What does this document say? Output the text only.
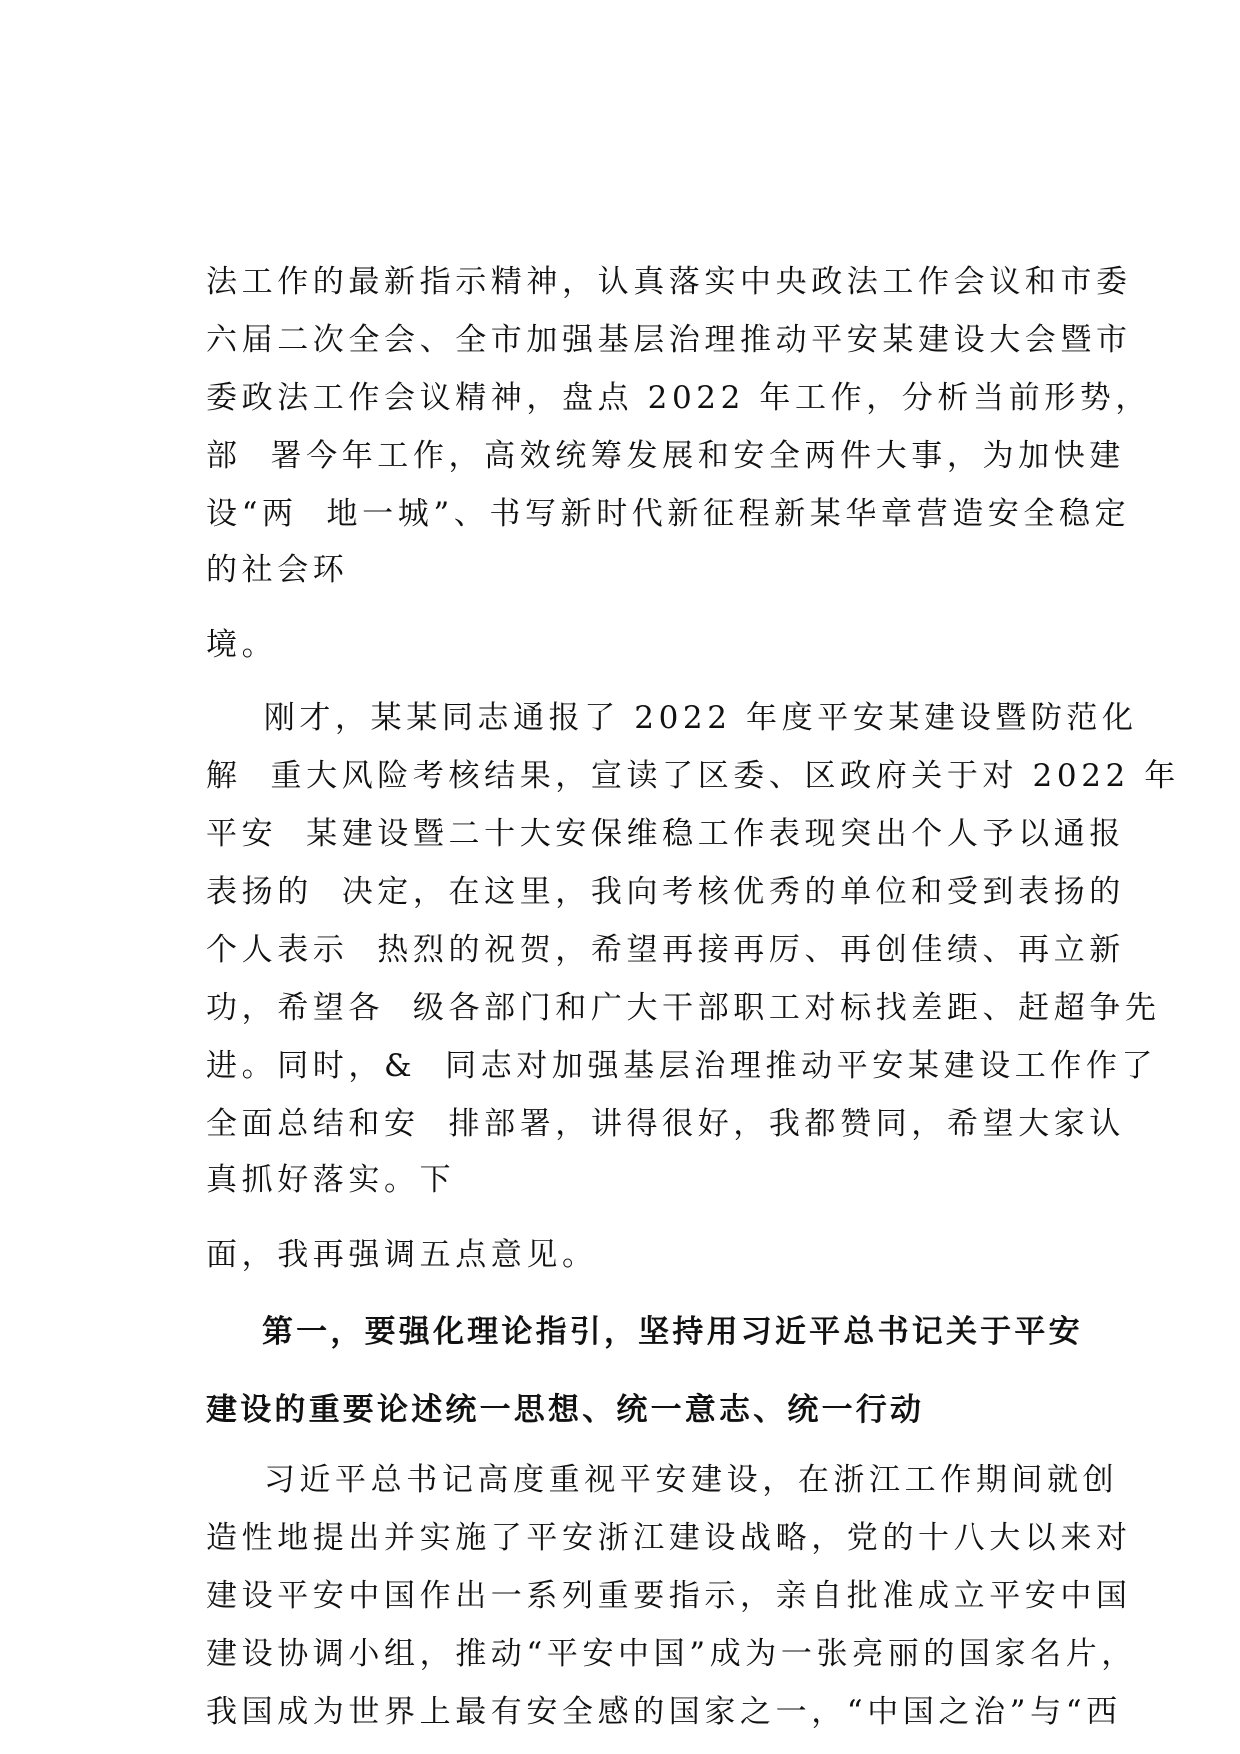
法工作的最新指示精神，认真落实中央政法工作会议和市委
六届二次全会、全市加强基层治理推动平安某建设大会暨市
委政法工作会议精神，盘点 2022 年工作，分析当前形势，
部  署今年工作，高效统筹发展和安全两件大事，为加快建
设“两  地一城”、书写新时代新征程新某华章营造安全稳定
的社会环
境。
刚才，某某同志通报了 2022 年度平安某建设暨防范化
解  重大风险考核结果，宣读了区委、区政府关于对 2022 年
平安  某建设暨二十大安保维稳工作表现突出个人予以通报
表扬的  决定，在这里，我向考核优秀的单位和受到表扬的
个人表示  热烈的祝贺，希望再接再厉、再创佳绩、再立新
功，希望各  级各部门和广大干部职工对标找差距、赶超争先
进。同时，&  同志对加强基层治理推动平安某建设工作作了
全面总结和安  排部署，讲得很好，我都赞同，希望大家认
真抓好落实。下
面，我再强调五点意见。
第一，要强化理论指引，坚持用习近平总书记关于平安
建设的重要论述统一思想、统一意志、统一行动
习近平总书记高度重视平安建设，在浙江工作期间就创
造性地提出并实施了平安浙江建设战略，党的十八大以来对
建设平安中国作出一系列重要指示，亲自批准成立平安中国
建设协调小组，推动“平安中国”成为一张亮丽的国家名片，
我国成为世界上最有安全感的国家之一，“中国之治”与“西
